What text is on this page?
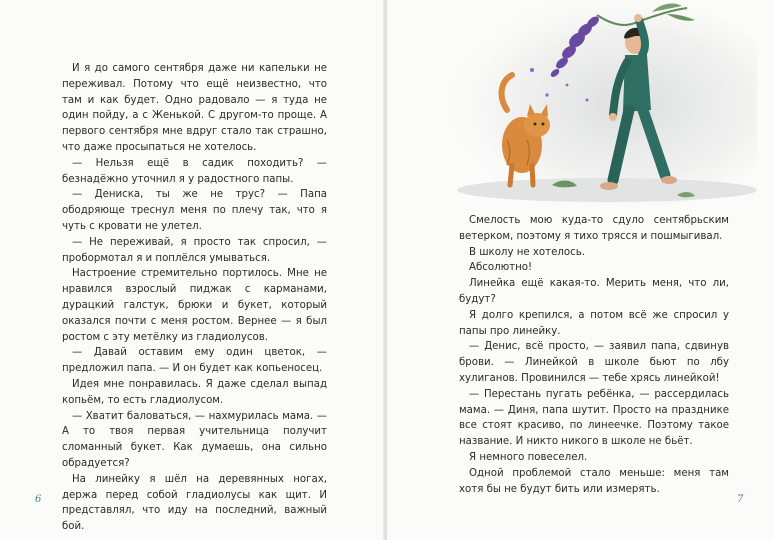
И я до самого сентября даже ни капельки не переживал. Потому что ещё неизвестно, что там и как будет. Одно радовало — я туда не один пойду, а с Женькой. С другом-то проще. А первого сентября мне вдруг стало так страшно, что даже просыпаться не хотелось.

— Нельзя ещё в садик походить? — безнадёжно уточнил я у радостного папы.

— Дениска, ты же не трус? — Папа ободряюще треснул меня по плечу так, что я чуть с кровати не улетел.

— Не переживай, я просто так спросил, — пробормотал я и поплёлся умываться.

Настроение стремительно портилось. Мне не нравился взрослый пиджак с карманами, дурацкий галстук, брюки и букет, который оказался почти с меня ростом. Вернее — я был ростом с эту метёлку из гладиолусов.

— Давай оставим ему один цветок, — предложил папа. — И он будет как копьеносец.

Идея мне понравилась. Я даже сделал выпад копьём, то есть гладиолусом.

— Хватит баловаться, — нахмурилась мама. — А то твоя первая учительница получит сломанный букет. Как думаешь, она сильно обрадуется?

На линейку я шёл на деревянных ногах, держа перед собой гладиолусы как щит. И представлял, что иду на последний, важный бой.

6

Смелость мою куда-то сдуло сентябрьским ветерком, поэтому я тихо трясся и пошмыгивал.

В школу не хотелось.

Абсолютно!

Линейка ещё какая-то. Мерить меня, что ли, будут?

Я долго крепился, а потом всё же спросил у папы про линейку.

— Денис, всё просто, — заявил папа, сдвинув брови. — Линейкой в школе бьют по лбу хулиганов. Провинился — тебе хрясь линейкой!

— Перестань пугать ребёнка, — рассердилась мама. — Диня, папа шутит. Просто на празднике все стоят красиво, по линеечке. Поэтому такое название. И никто никого в школе не бьёт.

Я немного повеселел.

Одной проблемой стало меньше: меня там хотя бы не будут бить или измерять.

7
